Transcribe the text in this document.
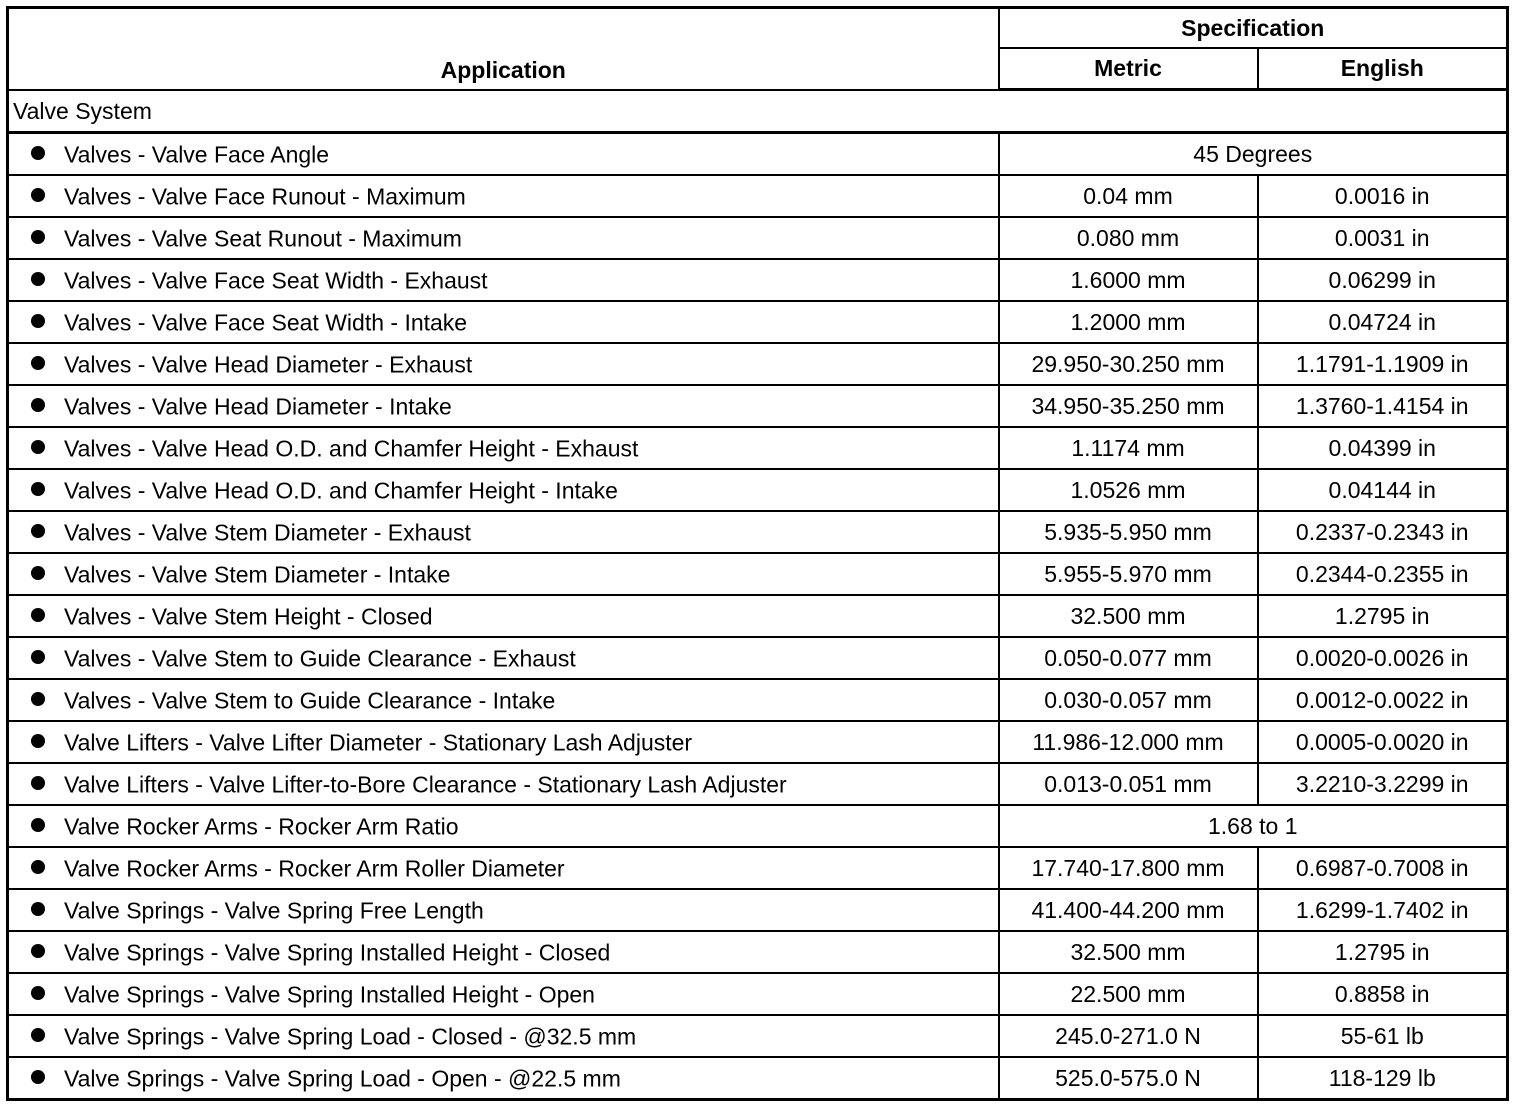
Application	Specification	
	Metric	English
Valve System		
Valves - Valve Face Angle	45 Degrees	
Valves - Valve Face Runout - Maximum	0.04 mm	0.0016 in
Valves - Valve Seat Runout - Maximum	0.080 mm	0.0031 in
Valves - Valve Face Seat Width - Exhaust	1.6000 mm	0.06299 in
Valves - Valve Face Seat Width - Intake	1.2000 mm	0.04724 in
Valves - Valve Head Diameter - Exhaust	29.950-30.250 mm	1.1791-1.1909 in
Valves - Valve Head Diameter - Intake	34.950-35.250 mm	1.3760-1.4154 in
Valves - Valve Head O.D. and Chamfer Height - Exhaust	1.1174 mm	0.04399 in
Valves - Valve Head O.D. and Chamfer Height - Intake	1.0526 mm	0.04144 in
Valves - Valve Stem Diameter - Exhaust	5.935-5.950 mm	0.2337-0.2343 in
Valves - Valve Stem Diameter - Intake	5.955-5.970 mm	0.2344-0.2355 in
Valves - Valve Stem Height - Closed	32.500 mm	1.2795 in
Valves - Valve Stem to Guide Clearance - Exhaust	0.050-0.077 mm	0.0020-0.0026 in
Valves - Valve Stem to Guide Clearance - Intake	0.030-0.057 mm	0.0012-0.0022 in
Valve Lifters - Valve Lifter Diameter - Stationary Lash Adjuster	11.986-12.000 mm	0.0005-0.0020 in
Valve Lifters - Valve Lifter-to-Bore Clearance - Stationary Lash Adjuster	0.013-0.051 mm	3.2210-3.2299 in
Valve Rocker Arms - Rocker Arm Ratio	1.68 to 1	
Valve Rocker Arms - Rocker Arm Roller Diameter	17.740-17.800 mm	0.6987-0.7008 in
Valve Springs - Valve Spring Free Length	41.400-44.200 mm	1.6299-1.7402 in
Valve Springs - Valve Spring Installed Height - Closed	32.500 mm	1.2795 in
Valve Springs - Valve Spring Installed Height - Open	22.500 mm	0.8858 in
Valve Springs - Valve Spring Load - Closed - @32.5 mm	245.0-271.0 N	55-61 lb
Valve Springs - Valve Spring Load - Open - @22.5 mm	525.0-575.0 N	118-129 lb
